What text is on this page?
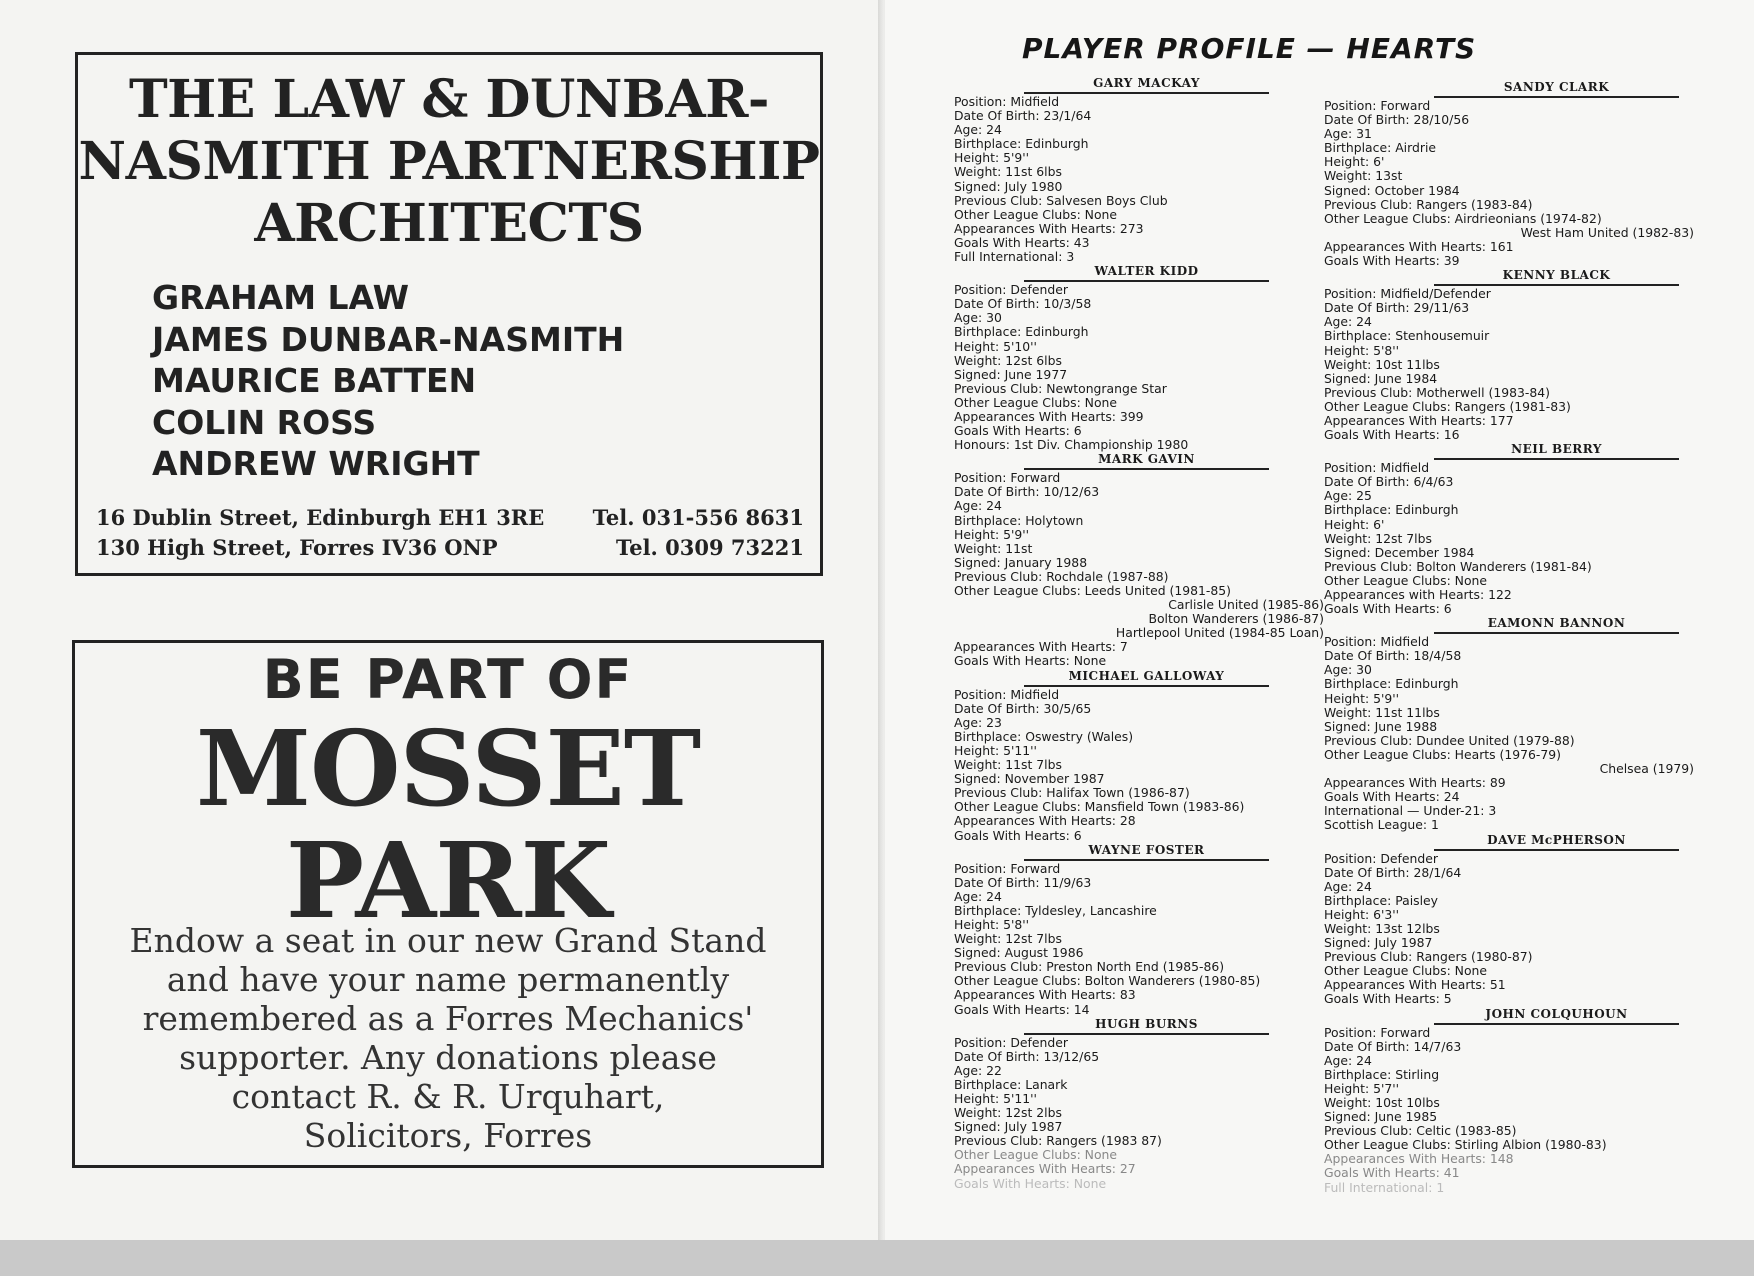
THE LAW & DUNBAR-
NASMITH PARTNERSHIP
ARCHITECTS
GRAHAM LAW
JAMES DUNBAR-NASMITH
MAURICE BATTEN
COLIN ROSS
ANDREW WRIGHT
16 Dublin Street, Edinburgh EH1 3RE Tel. 031-556 8631
130 High Street, Forres IV36 ONP	Tel. 0309 73221
BE PART OF
MOSSET
PARK
Endow a seat in our new Grand Stand
and have your name permanently
remembered as a Forres Mechanics'
supporter. Any donations please
contact R. & R. Urquhart,
Solicitors, Forres
PLAYER PROFILE — HEARTS
GARY MACKAY
Position: Midfield
Date Of Birth: 23/1/64
Age: 24
Birthplace: Edinburgh
Height: 5'9''
Weight: 11st 6lbs
Signed: July 1980
Previous Club: Salvesen Boys Club
Other League Clubs: None
Appearances With Hearts: 273
Goals With Hearts: 43
Full International: 3
WALTER KIDD
Position: Defender
Date Of Birth: 10/3/58
Age: 30
Birthplace: Edinburgh
Height: 5'10''
Weight: 12st 6lbs
Signed: June 1977
Previous Club: Newtongrange Star
Other League Clubs: None
Appearances With Hearts: 399
Goals With Hearts: 6
Honours: 1st Div. Championship 1980
MARK GAVIN
Position: Forward
Date Of Birth: 10/12/63
Age: 24
Birthplace: Holytown
Height: 5'9''
Weight: 11st
Signed: January 1988
Previous Club: Rochdale (1987-88)
Other League Clubs: Leeds United (1981-85)
Carlisle United (1985-86)
Bolton Wanderers (1986-87)
Hartlepool United (1984-85 Loan)
Appearances With Hearts: 7
Goals With Hearts: None
MICHAEL GALLOWAY
Position: Midfield
Date Of Birth: 30/5/65
Age: 23
Birthplace: Oswestry (Wales)
Height: 5'11''
Weight: 11st 7lbs
Signed: November 1987
Previous Club: Halifax Town (1986-87)
Other League Clubs: Mansfield Town (1983-86)
Appearances With Hearts: 28
Goals With Hearts: 6
WAYNE FOSTER
Position: Forward
Date Of Birth: 11/9/63
Age: 24
Birthplace: Tyldesley, Lancashire
Height: 5'8''
Weight: 12st 7lbs
Signed: August 1986
Previous Club: Preston North End (1985-86)
Other League Clubs: Bolton Wanderers (1980-85)
Appearances With Hearts: 83
Goals With Hearts: 14
HUGH BURNS
Position: Defender
Date Of Birth: 13/12/65
Age: 22
Birthplace: Lanark
Height: 5'11''
Weight: 12st 2lbs
Signed: July 1987
Previous Club: Rangers (1983 87)
Other League Clubs: None
Appearances With Hearts: 27
Goals With Hearts: None
SANDY CLARK
Position: Forward
Date Of Birth: 28/10/56
Age: 31
Birthplace: Airdrie
Height: 6'
Weight: 13st
Signed: October 1984
Previous Club: Rangers (1983-84)
Other League Clubs: Airdrieonians (1974-82)
West Ham United (1982-83)
Appearances With Hearts: 161
Goals With Hearts: 39
KENNY BLACK
Position: Midfield/Defender
Date Of Birth: 29/11/63
Age: 24
Birthplace: Stenhousemuir
Height: 5'8''
Weight: 10st 11lbs
Signed: June 1984
Previous Club: Motherwell (1983-84)
Other League Clubs: Rangers (1981-83)
Appearances With Hearts: 177
Goals With Hearts: 16
NEIL BERRY
Position: Midfield
Date Of Birth: 6/4/63
Age: 25
Birthplace: Edinburgh
Height: 6'
Weight: 12st 7lbs
Signed: December 1984
Previous Club: Bolton Wanderers (1981-84)
Other League Clubs: None
Appearances with Hearts: 122
Goals With Hearts: 6
EAMONN BANNON
Position: Midfield
Date Of Birth: 18/4/58
Age: 30
Birthplace: Edinburgh
Height: 5'9''
Weight: 11st 11lbs
Signed: June 1988
Previous Club: Dundee United (1979-88)
Other League Clubs: Hearts (1976-79)
Chelsea (1979)
Appearances With Hearts: 89
Goals With Hearts: 24
International — Under-21: 3
Scottish League: 1
DAVE McPHERSON
Position: Defender
Date Of Birth: 28/1/64
Age: 24
Birthplace: Paisley
Height: 6'3''
Weight: 13st 12lbs
Signed: July 1987
Previous Club: Rangers (1980-87)
Other League Clubs: None
Appearances With Hearts: 51
Goals With Hearts: 5
JOHN COLQUHOUN
Position: Forward
Date Of Birth: 14/7/63
Age: 24
Birthplace: Stirling
Height: 5'7''
Weight: 10st 10lbs
Signed: June 1985
Previous Club: Celtic (1983-85)
Other League Clubs: Stirling Albion (1980-83)
Appearances With Hearts: 148
Goals With Hearts: 41
Full International: 1
